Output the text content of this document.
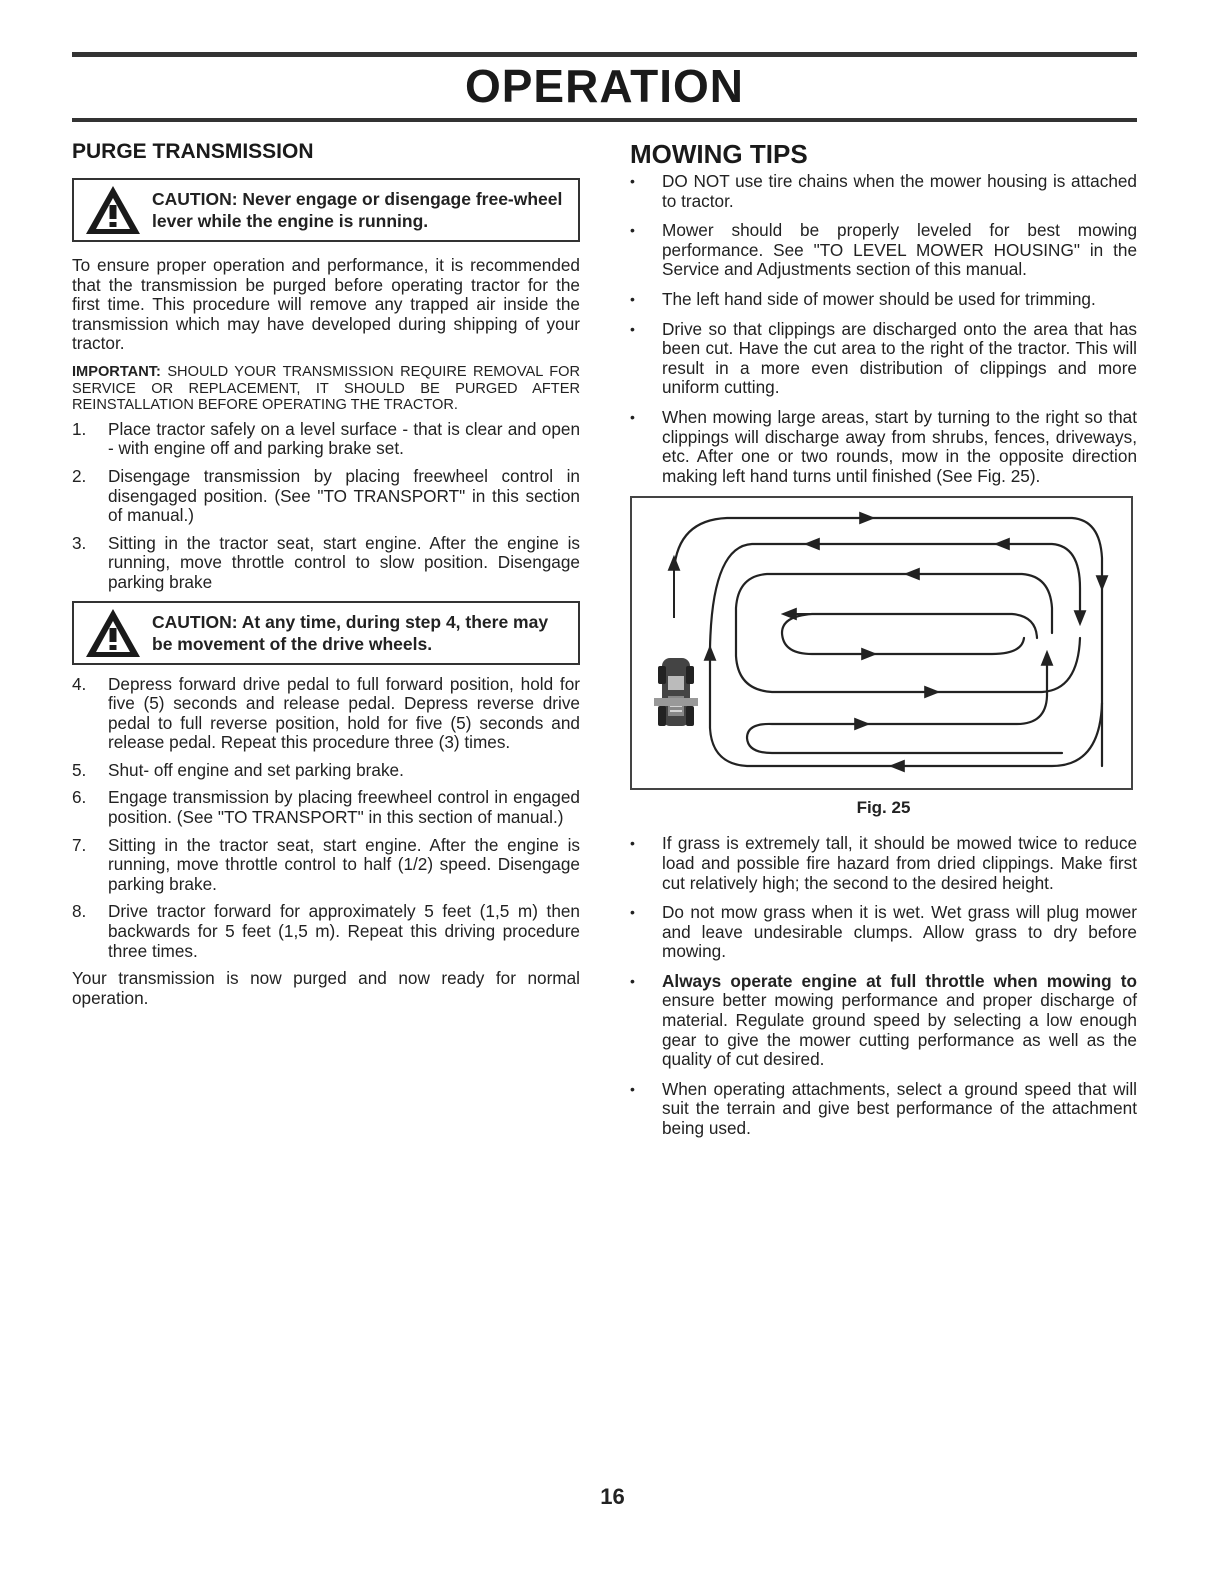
OPERATION
PURGE TRANSMISSION
CAUTION: Never engage or disengage free-wheel lever while the engine is running.

To ensure proper operation and performance, it is recommended that the transmission be purged before operating tractor for the first time. This procedure will remove any trapped air inside the transmission which may have developed during shipping of your tractor.

IMPORTANT: SHOULD YOUR TRANSMISSION REQUIRE REMOVAL FOR SERVICE OR REPLACEMENT, IT SHOULD BE PURGED AFTER REINSTALLATION BEFORE OPERATING THE TRACTOR.

1. Place tractor safely on a level surface - that is clear and open - with engine off and parking brake set.
2. Disengage transmission by placing freewheel control in disengaged position. (See "TO TRANSPORT" in this section of manual.)
3. Sitting in the tractor seat, start engine. After the engine is running, move throttle control to slow position. Disengage parking brake
CAUTION: At any time, during step 4, there may be movement of the drive wheels.
4. Depress forward drive pedal to full forward position, hold for five (5) seconds and release pedal. Depress reverse drive pedal to full reverse position, hold for five (5) seconds and release pedal. Repeat this procedure three (3) times.
5. Shut- off engine and set parking brake.
6. Engage transmission by placing freewheel control in engaged position. (See "TO TRANSPORT" in this section of manual.)
7. Sitting in the tractor seat, start engine. After the engine is running, move throttle control to half (1/2) speed. Disengage parking brake.
8. Drive tractor forward for approximately 5 feet (1,5 m) then backwards for 5 feet (1,5 m). Repeat this driving procedure three times.

Your transmission is now purged and now ready for normal operation.

MOWING TIPS
• DO NOT use tire chains when the mower housing is attached to tractor.
• Mower should be properly leveled for best mowing performance. See "TO LEVEL MOWER HOUSING" in the Service and Adjustments section of this manual.
• The left hand side of mower should be used for trimming.
• Drive so that clippings are discharged onto the area that has been cut. Have the cut area to the right of the tractor. This will result in a more even distribution of clippings and more uniform cutting.
• When mowing large areas, start by turning to the right so that clippings will discharge away from shrubs, fences, driveways, etc. After one or two rounds, mow in the opposite direction making left hand turns until finished (See Fig. 25).
Fig. 25
• If grass is extremely tall, it should be mowed twice to reduce load and possible fire hazard from dried clippings. Make first cut relatively high; the second to the desired height.
• Do not mow grass when it is wet. Wet grass will plug mower and leave undesirable clumps. Allow grass to dry before mowing.
• Always operate engine at full throttle when mowing to ensure better mowing performance and proper discharge of material. Regulate ground speed by selecting a low enough gear to give the mower cutting performance as well as the quality of cut desired.
• When operating attachments, select a ground speed that will suit the terrain and give best performance of the attachment being used.
16
